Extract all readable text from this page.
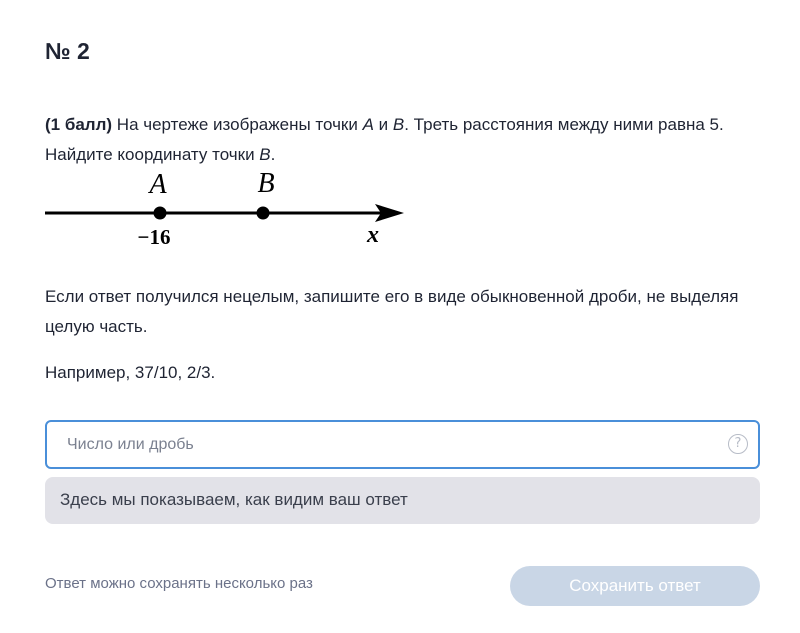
№ 2
(1 балл) На чертеже изображены точки A и B. Треть расстояния между ними равна 5. Найдите координату точки B.
A	B
−16	x
Если ответ получился нецелым, запишите его в виде обыкновенной дроби, не выделяя целую часть.
Например, 37/10, 2/3.
Число или дробь
?
Здесь мы показываем, как видим ваш ответ
Ответ можно сохранять несколько раз	Сохранить ответ
